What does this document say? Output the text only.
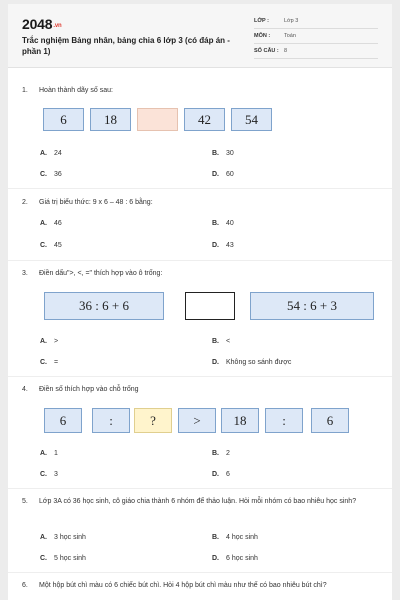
2048.vn
Trắc nghiệm Bảng nhân, bảng chia 6 lớp 3 (có đáp án - phần 1)
LỚP :	Lớp 3
MÔN :	Toán
SỐ CÂU : 8
1. Hoàn thành dãy số sau:
6	18	42	54
A. 24	B. 30
C. 36	D. 60
2. Giá trị biểu thức: 9 x 6 – 48 : 6 bằng:
A. 46	B. 40
C. 45	D. 43
3. Điền dấu">, <, =" thích hợp vào ô trống:
36 : 6 + 6	54 : 6 + 3
A. >	B. <
C. =	D. Không so sánh được
4. Điền số thích hợp vào chỗ trống
6	:	?	>	18	:	6
A. 1	B. 2
C. 3	D. 6
5. Lớp 3A có 36 học sinh, cô giáo chia thành 6 nhóm để thảo luận. Hỏi mỗi nhóm có bao nhiêu học sinh?
A. 3 học sinh	B. 4 học sinh
C. 5 học sinh	D. 6 học sinh
6. Một hộp bút chì màu có 6 chiếc bút chì. Hỏi 4 hộp bút chì màu như thế có bao nhiêu bút chì?
